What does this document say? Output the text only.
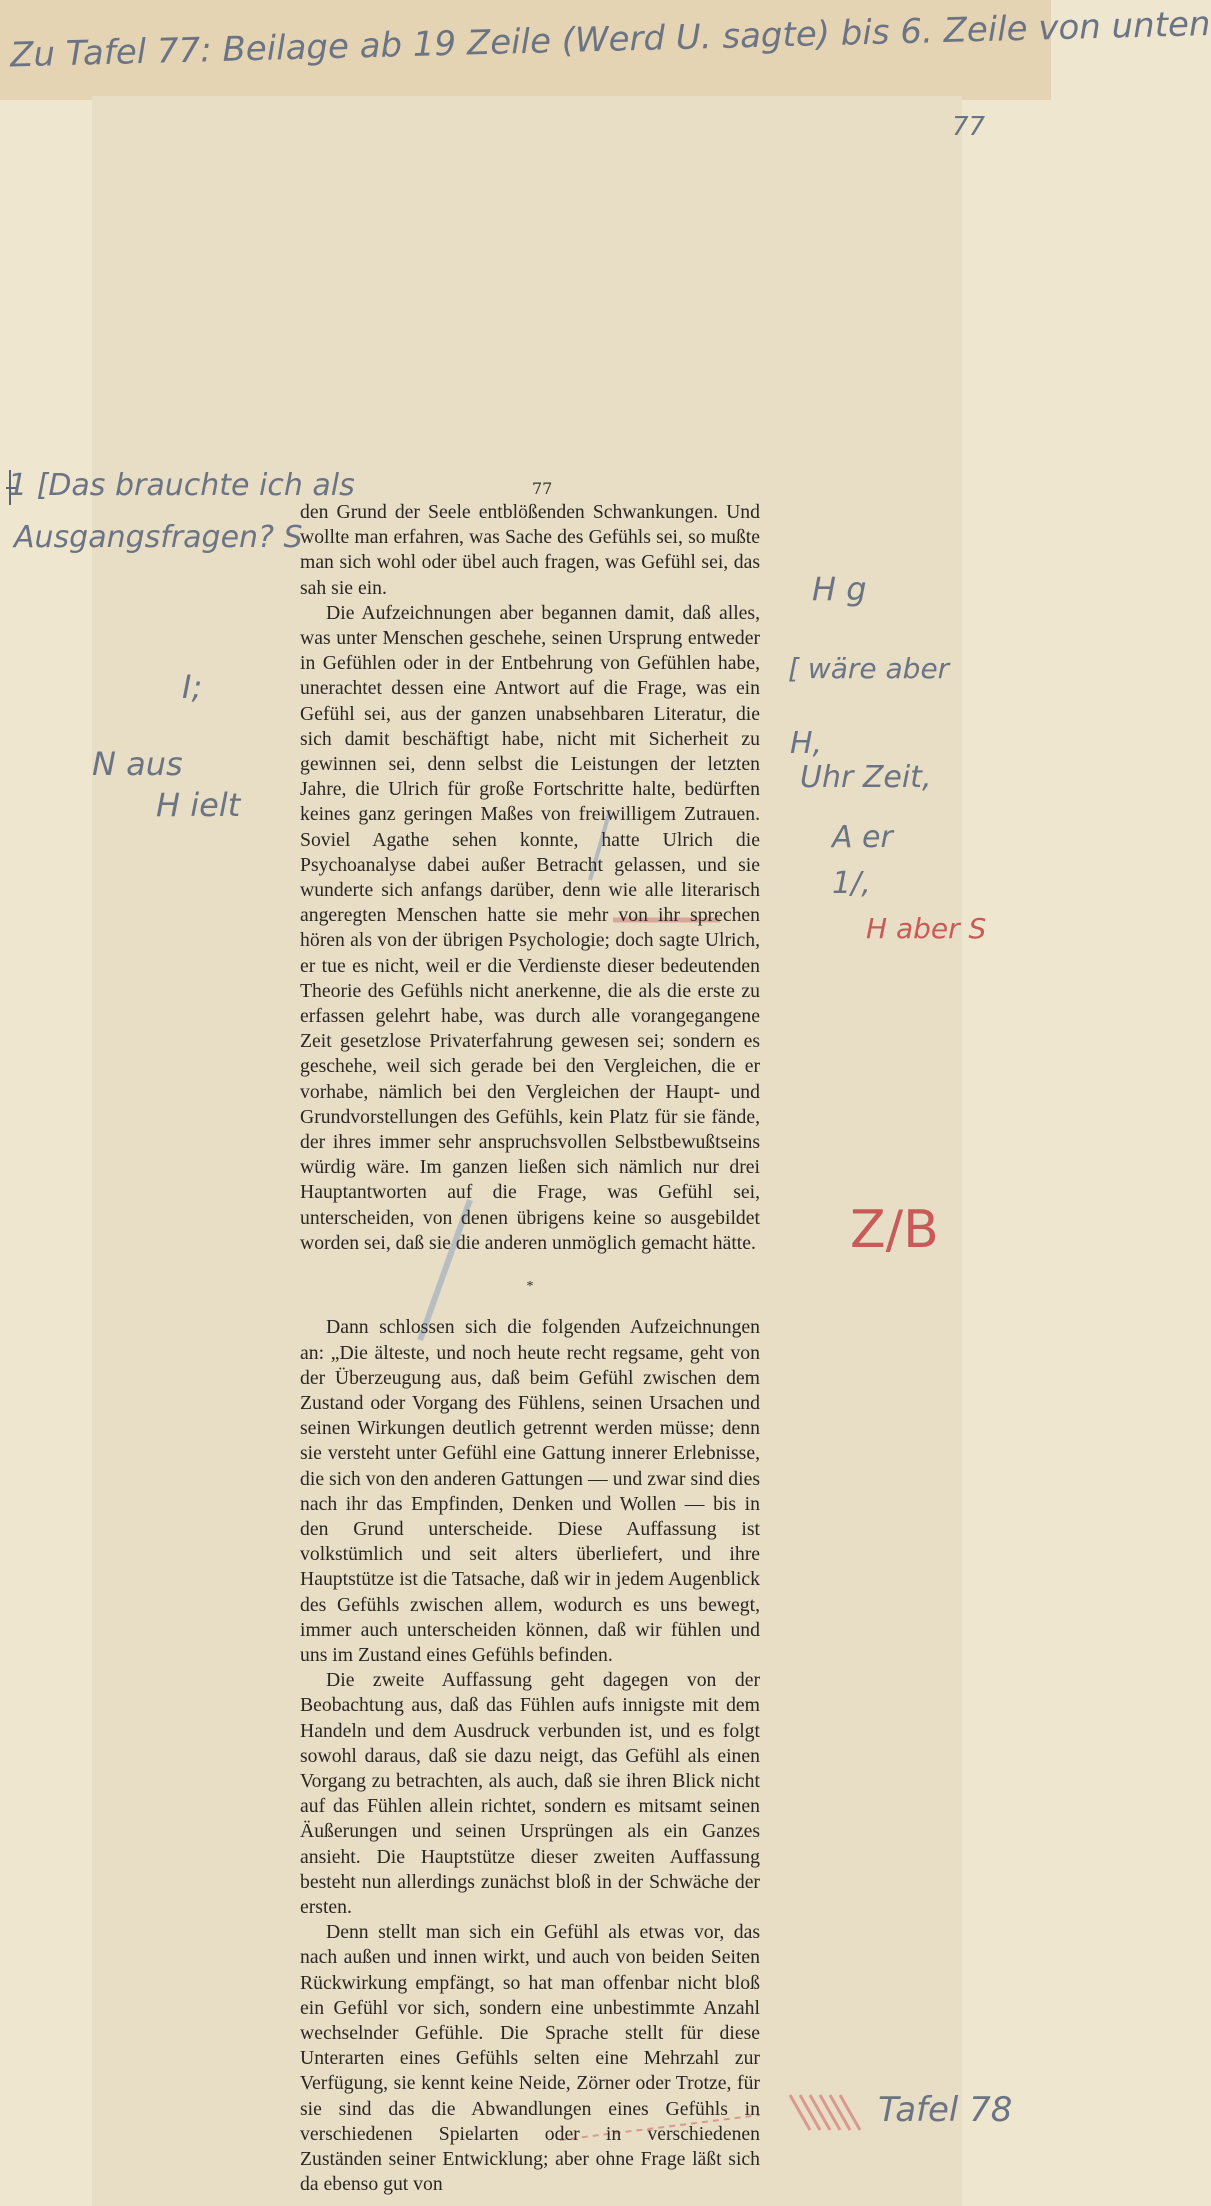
Zu Tafel 77: Beilage ab 19 Zeile (Werd U. sagte) bis 6. Zeile von unten
77
77
1 [Das brauchte ich als
Ausgangsfragen? S
I;
N aus
H ielt
H g
[ wäre aber
H,
Uhr Zeit,
A er
1/,
H aber S
Z/B
Tafel 78

den Grund der Seele entblößenden Schwankungen. Und wollte man erfahren, was Sache des Gefühls sei, so mußte man sich wohl oder übel auch fragen, was Gefühl sei, das sah sie ein.

Die Aufzeichnungen aber begannen damit, daß alles, was unter Menschen geschehe, seinen Ursprung entweder in Gefühlen oder in der Entbehrung von Gefühlen habe, unerachtet dessen eine Antwort auf die Frage, was ein Gefühl sei, aus der ganzen unabsehbaren Literatur, die sich damit beschäftigt habe, nicht mit Sicherheit zu gewinnen sei, denn selbst die Leistungen der letzten Jahre, die Ulrich für große Fortschritte halte, bedürften keines ganz geringen Maßes von freiwilligem Zutrauen. Soviel Agathe sehen konnte, hatte Ulrich die Psychoanalyse dabei außer Betracht gelassen, und sie wunderte sich anfangs darüber, denn wie alle literarisch angeregten Menschen hatte sie mehr von ihr sprechen hören als von der übrigen Psychologie; doch sagte Ulrich, er tue es nicht, weil er die Verdienste dieser bedeutenden Theorie des Gefühls nicht anerkenne, die als die erste zu erfassen gelehrt habe, was durch alle vorangegangene Zeit gesetzlose Privaterfahrung gewesen sei; sondern es geschehe, weil sich gerade bei den Vergleichen, die er vorhabe, nämlich bei den Vergleichen der Haupt- und Grundvorstellungen des Gefühls, kein Platz für sie fände, der ihres immer sehr anspruchsvollen Selbstbewußtseins würdig wäre. Im ganzen ließen sich nämlich nur drei Hauptantworten auf die Frage, was Gefühl sei, unterscheiden, von denen übrigens keine so ausgebildet worden sei, daß sie die anderen unmöglich gemacht hätte.

*

Dann schlossen sich die folgenden Aufzeichnungen an: „Die älteste, und noch heute recht regsame, geht von der Überzeugung aus, daß beim Gefühl zwischen dem Zustand oder Vorgang des Fühlens, seinen Ursachen und seinen Wirkungen deutlich getrennt werden müsse; denn sie versteht unter Gefühl eine Gattung innerer Erlebnisse, die sich von den anderen Gattungen — und zwar sind dies nach ihr das Empfinden, Denken und Wollen — bis in den Grund unterscheide. Diese Auffassung ist volkstümlich und seit alters überliefert, und ihre Hauptstütze ist die Tatsache, daß wir in jedem Augenblick des Gefühls zwischen allem, wodurch es uns bewegt, immer auch unterscheiden können, daß wir fühlen und uns im Zustand eines Gefühls befinden.

Die zweite Auffassung geht dagegen von der Beobachtung aus, daß das Fühlen aufs innigste mit dem Handeln und dem Ausdruck verbunden ist, und es folgt sowohl daraus, daß sie dazu neigt, das Gefühl als einen Vorgang zu betrachten, als auch, daß sie ihren Blick nicht auf das Fühlen allein richtet, sondern es mitsamt seinen Äußerungen und seinen Ursprüngen als ein Ganzes ansieht. Die Hauptstütze dieser zweiten Auffassung besteht nun allerdings zunächst bloß in der Schwäche der ersten.

Denn stellt man sich ein Gefühl als etwas vor, das nach außen und innen wirkt, und auch von beiden Seiten Rückwirkung empfängt, so hat man offenbar nicht bloß ein Gefühl vor sich, sondern eine unbestimmte Anzahl wechselnder Gefühle. Die Sprache stellt für diese Unterarten eines Gefühls selten eine Mehrzahl zur Verfügung, sie kennt keine Neide, Zörner oder Trotze, für sie sind das die Abwandlungen eines Gefühls in verschiedenen Spielarten oder in verschiedenen Zuständen seiner Entwicklung; aber ohne Frage läßt sich da ebenso gut von
